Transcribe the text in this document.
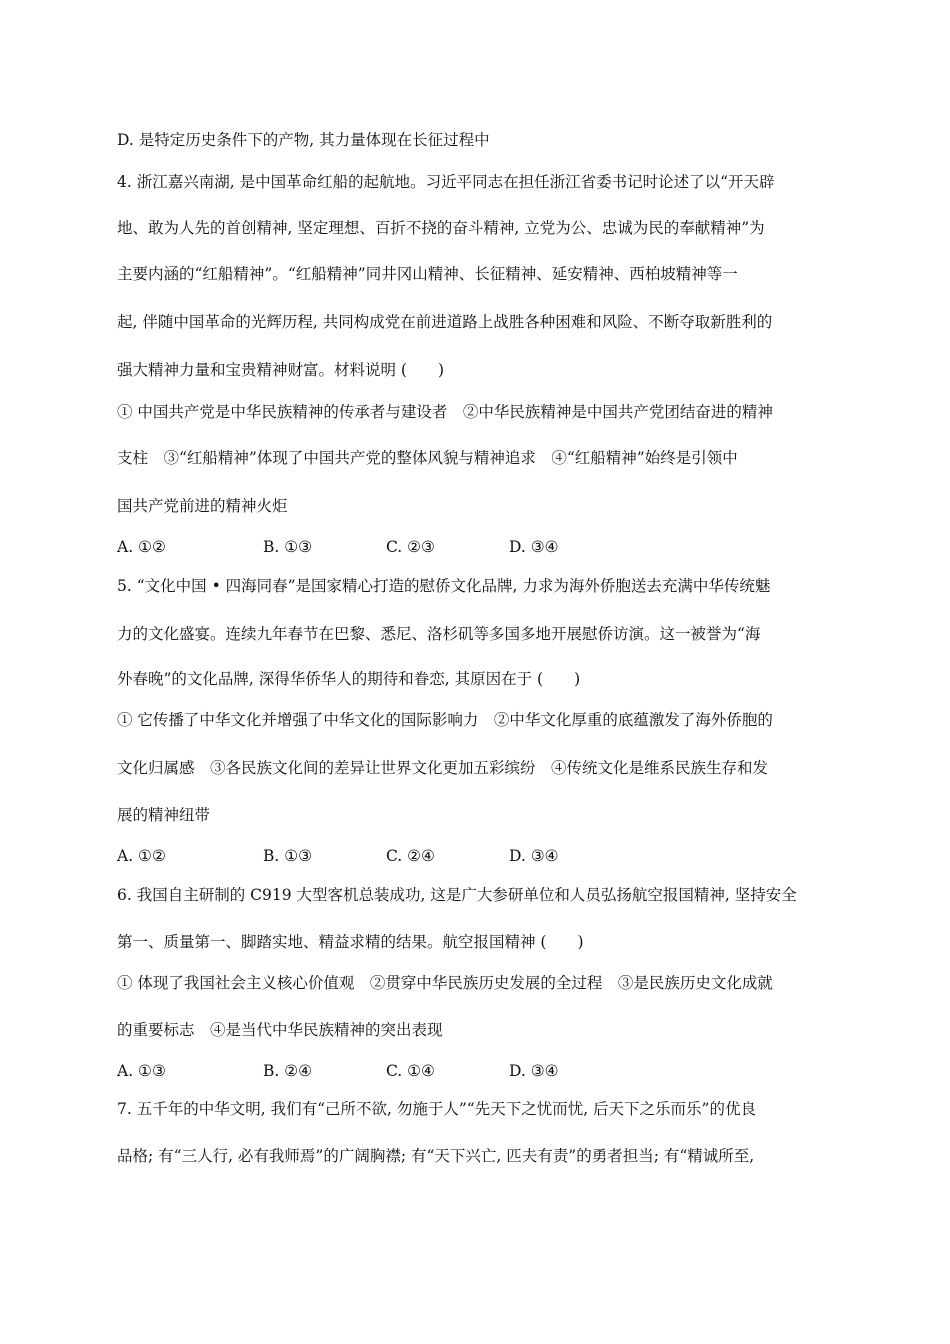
D. 是特定历史条件下的产物, 其力量体现在长征过程中

4. 浙江嘉兴南湖, 是中国革命红船的起航地。习近平同志在担任浙江省委书记时论述了以“开天辟

地、敢为人先的首创精神, 坚定理想、百折不挠的奋斗精神, 立党为公、忠诚为民的奉献精神”为

主要内涵的“红船精神”。“红船精神”同井冈山精神、长征精神、延安精神、西柏坡精神等一

起, 伴随中国革命的光辉历程, 共同构成党在前进道路上战胜各种困难和风险、不断夺取新胜利的

强大精神力量和宝贵精神财富。材料说明 (　　)

① 中国共产党是中华民族精神的传承者与建设者　②中华民族精神是中国共产党团结奋进的精神

支柱　③“红船精神”体现了中国共产党的整体风貌与精神追求　④“红船精神”始终是引领中

国共产党前进的精神火炬

A. ①②	B. ①③	C. ②③	D. ③④

5. “文化中国 • 四海同春”是国家精心打造的慰侨文化品牌, 力求为海外侨胞送去充满中华传统魅

力的文化盛宴。连续九年春节在巴黎、悉尼、洛杉矶等多国多地开展慰侨访演。这一被誉为“海

外春晚”的文化品牌, 深得华侨华人的期待和眷恋, 其原因在于 (　　)

① 它传播了中华文化并增强了中华文化的国际影响力　②中华文化厚重的底蕴激发了海外侨胞的

文化归属感　③各民族文化间的差异让世界文化更加五彩缤纷　④传统文化是维系民族生存和发

展的精神纽带

A. ①②	B. ①③	C. ②④	D. ③④

6. 我国自主研制的 C919 大型客机总装成功, 这是广大参研单位和人员弘扬航空报国精神, 坚持安全

第一、质量第一、脚踏实地、精益求精的结果。航空报国精神 (　　)

① 体现了我国社会主义核心价值观　②贯穿中华民族历史发展的全过程　③是民族历史文化成就

的重要标志　④是当代中华民族精神的突出表现

A. ①③	B. ②④	C. ①④	D. ③④

7. 五千年的中华文明, 我们有“己所不欲, 勿施于人”“先天下之忧而忧, 后天下之乐而乐”的优良

品格; 有“三人行, 必有我师焉”的广阔胸襟; 有“天下兴亡, 匹夫有责”的勇者担当; 有“精诚所至,
